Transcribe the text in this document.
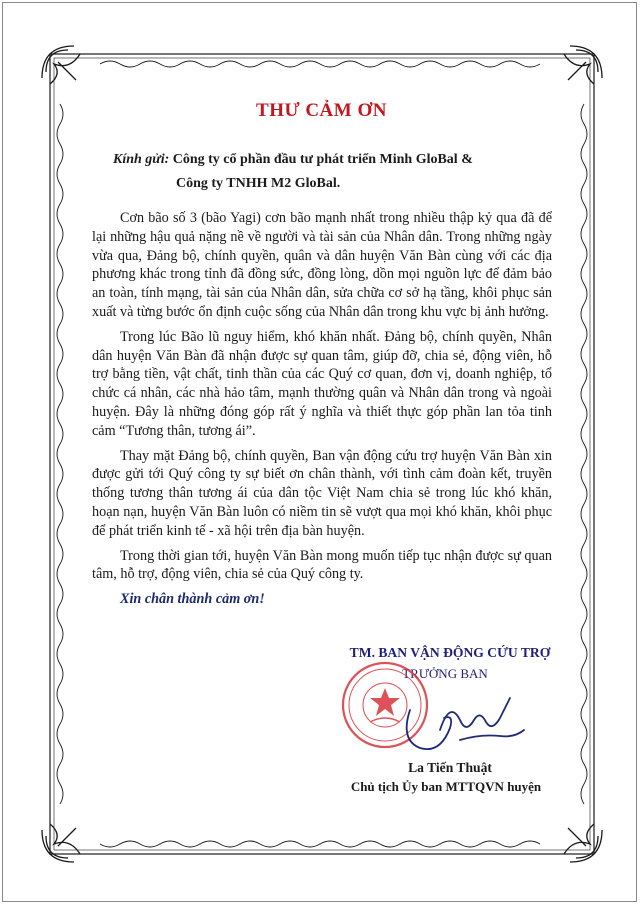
THƯ CẢM ƠN
Kính gửi: Công ty cổ phần đầu tư phát triển Minh GloBal &
Công ty TNHH M2 GloBal.

Cơn bão số 3 (bão Yagi) cơn bão mạnh nhất trong nhiều thập kỷ qua đã để lại những hậu quả nặng nề về người và tài sản của Nhân dân. Trong những ngày vừa qua, Đảng bộ, chính quyền, quân và dân huyện Văn Bàn cùng với các địa phương khác trong tỉnh đã đồng sức, đồng lòng, dồn mọi nguồn lực để đảm bảo an toàn, tính mạng, tài sản của Nhân dân, sửa chữa cơ sở hạ tầng, khôi phục sản xuất và từng bước ổn định cuộc sống của Nhân dân trong khu vực bị ảnh hưởng.

Trong lúc Bão lũ nguy hiểm, khó khăn nhất. Đảng bộ, chính quyền, Nhân dân huyện Văn Bàn đã nhận được sự quan tâm, giúp đỡ, chia sẻ, động viên, hỗ trợ bằng tiền, vật chất, tinh thần của các Quý cơ quan, đơn vị, doanh nghiệp, tổ chức cá nhân, các nhà hảo tâm, mạnh thường quân và Nhân dân trong và ngoài huyện. Đây là những đóng góp rất ý nghĩa và thiết thực góp phần lan tỏa tinh cảm “Tương thân, tương ái”.

Thay mặt Đảng bộ, chính quyền, Ban vận động cứu trợ huyện Văn Bàn xin được gửi tới Quý công ty sự biết ơn chân thành, với tình cảm đoàn kết, truyền thống tương thân tương ái của dân tộc Việt Nam chia sẻ trong lúc khó khăn, hoạn nạn, huyện Văn Bàn luôn có niềm tin sẽ vượt qua mọi khó khăn, khôi phục để phát triển kinh tế - xã hội trên địa bàn huyện.

Trong thời gian tới, huyện Văn Bàn mong muốn tiếp tục nhận được sự quan tâm, hỗ trợ, động viên, chia sẻ của Quý công ty.

Xin chân thành cảm ơn!

TM. BAN VẬN ĐỘNG CỨU TRỢ
TRƯỞNG BAN
La Tiến Thuật
Chủ tịch Ủy ban MTTQVN huyện
